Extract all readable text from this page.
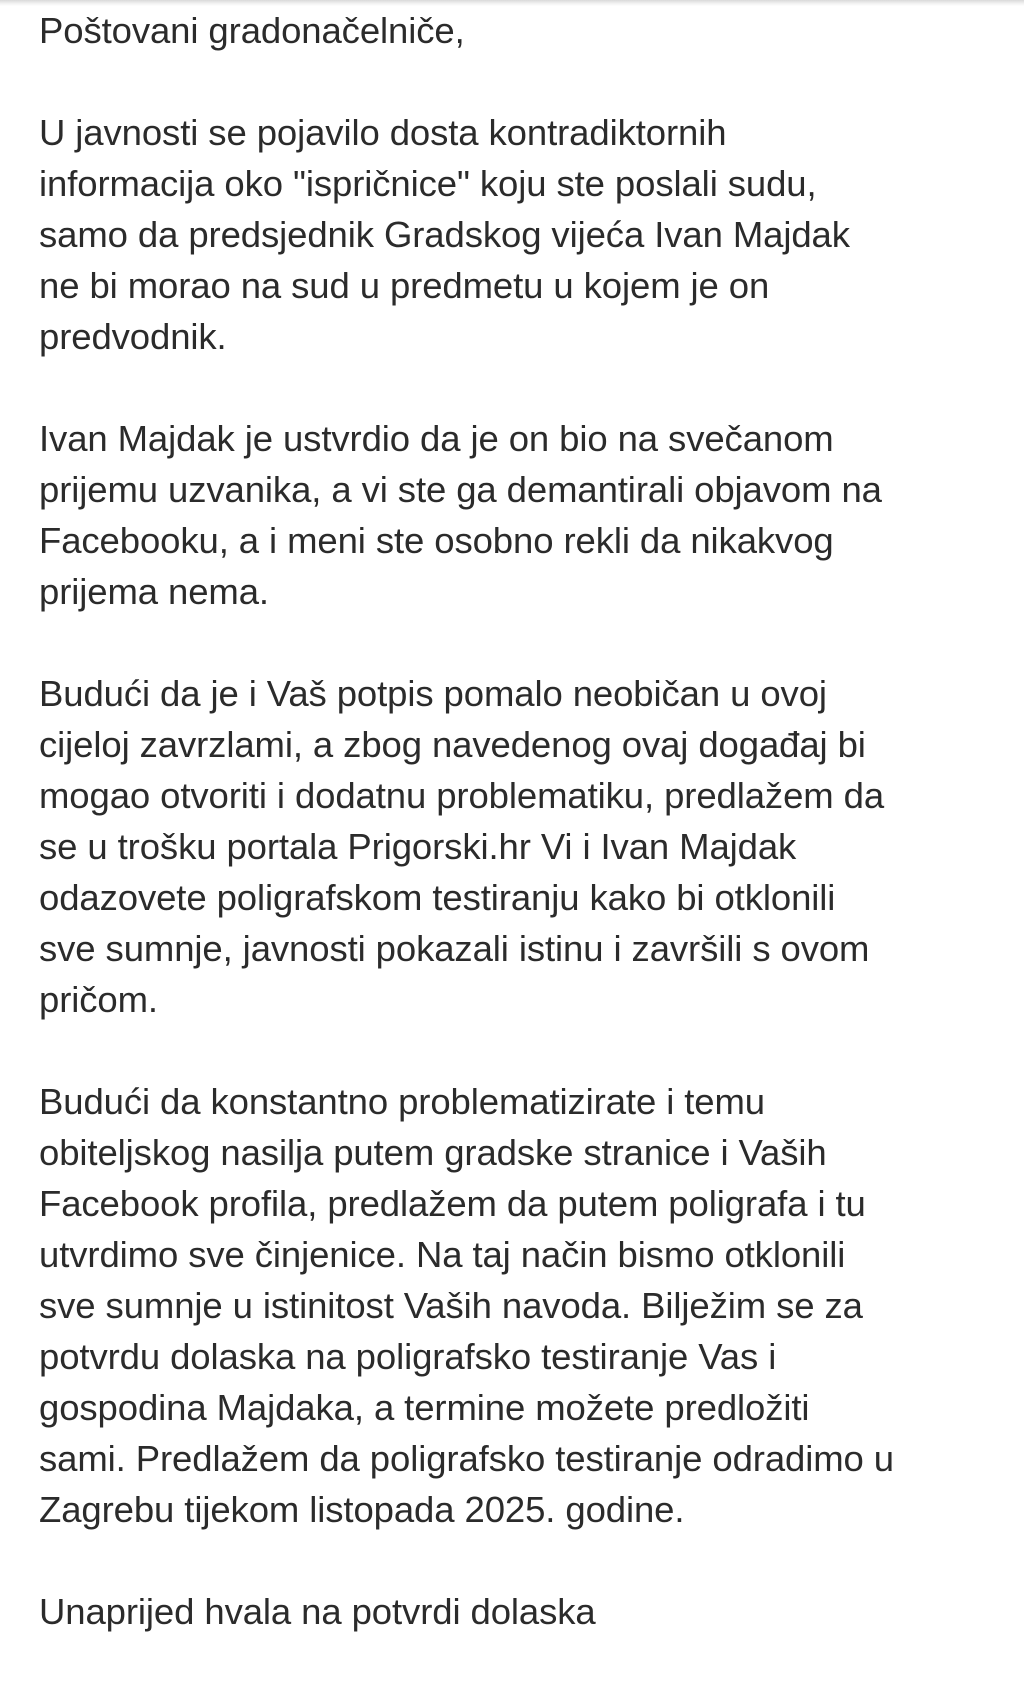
Poštovani gradonačelniče,

U javnosti se pojavilo dosta kontradiktornih
informacija oko "ispričnice" koju ste poslali sudu,
samo da predsjednik Gradskog vijeća Ivan Majdak
ne bi morao na sud u predmetu u kojem je on
predvodnik.

Ivan Majdak je ustvrdio da je on bio na svečanom
prijemu uzvanika, a vi ste ga demantirali objavom na
Facebooku, a i meni ste osobno rekli da nikakvog
prijema nema.

Budući da je i Vaš potpis pomalo neobičan u ovoj
cijeloj zavrzlami, a zbog navedenog ovaj događaj bi
mogao otvoriti i dodatnu problematiku, predlažem da
se u trošku portala Prigorski.hr Vi i Ivan Majdak
odazovete poligrafskom testiranju kako bi otklonili
sve sumnje, javnosti pokazali istinu i završili s ovom
pričom.

Budući da konstantno problematizirate i temu
obiteljskog nasilja putem gradske stranice i Vaših
Facebook profila, predlažem da putem poligrafa i tu
utvrdimo sve činjenice. Na taj način bismo otklonili
sve sumnje u istinitost Vaših navoda. Bilježim se za
potvrdu dolaska na poligrafsko testiranje Vas i
gospodina Majdaka, a termine možete predložiti
sami. Predlažem da poligrafsko testiranje odradimo u
Zagrebu tijekom listopada 2025. godine.

Unaprijed hvala na potvrdi dolaska
